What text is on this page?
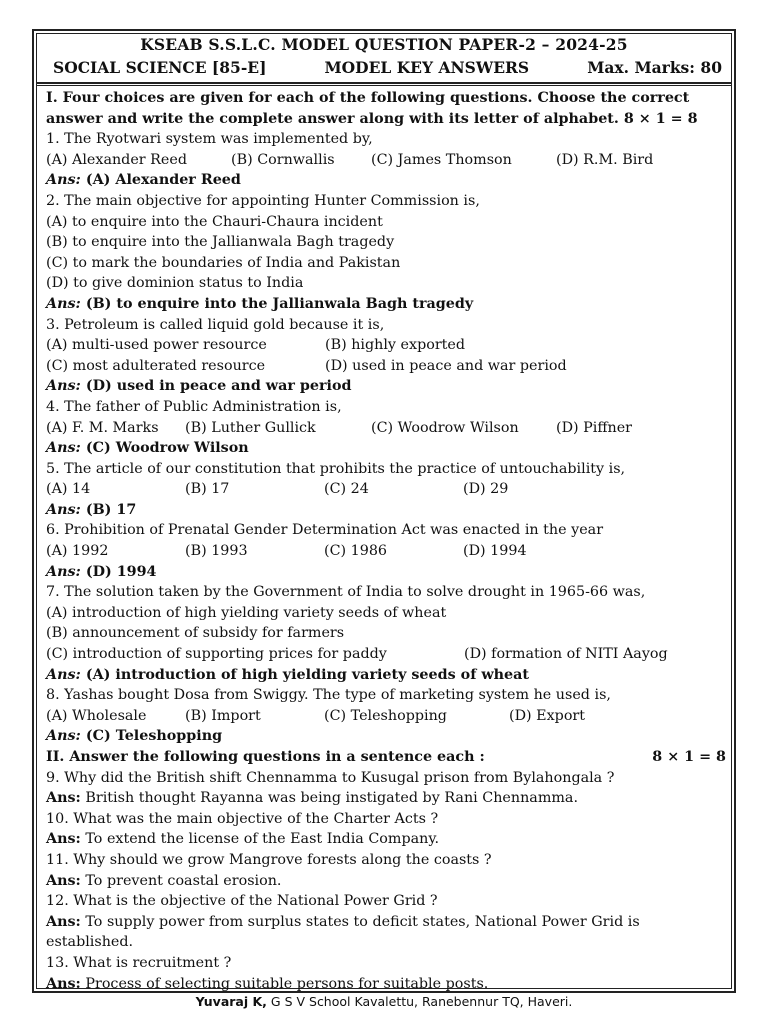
KSEAB S.S.L.C. MODEL QUESTION PAPER-2 – 2024-25
SOCIAL SCIENCE [85-E]	MODEL KEY ANSWERS	Max. Marks: 80
I. Four choices are given for each of the following questions. Choose the correct
answer and write the complete answer along with its letter of alphabet. 8 × 1 = 8
1. The Ryotwari system was implemented by,
(A) Alexander Reed	(B) Cornwallis	(C) James Thomson	(D) R.M. Bird
Ans: (A) Alexander Reed
2. The main objective for appointing Hunter Commission is,
(A) to enquire into the Chauri-Chaura incident
(B) to enquire into the Jallianwala Bagh tragedy
(C) to mark the boundaries of India and Pakistan
(D) to give dominion status to India
Ans: (B) to enquire into the Jallianwala Bagh tragedy
3. Petroleum is called liquid gold because it is,
(A) multi-used power resource	(B) highly exported
(C) most adulterated resource	(D) used in peace and war period
Ans: (D) used in peace and war period
4. The father of Public Administration is,
(A) F. M. Marks	(B) Luther Gullick	(C) Woodrow Wilson	(D) Piffner
Ans: (C) Woodrow Wilson
5. The article of our constitution that prohibits the practice of untouchability is,
(A) 14	(B) 17	(C) 24	(D) 29
Ans: (B) 17
6. Prohibition of Prenatal Gender Determination Act was enacted in the year
(A) 1992	(B) 1993	(C) 1986	(D) 1994
Ans: (D) 1994
7. The solution taken by the Government of India to solve drought in 1965-66 was,
(A) introduction of high yielding variety seeds of wheat
(B) announcement of subsidy for farmers
(C) introduction of supporting prices for paddy	(D) formation of NITI Aayog
Ans: (A) introduction of high yielding variety seeds of wheat
8. Yashas bought Dosa from Swiggy. The type of marketing system he used is,
(A) Wholesale	(B) Import	(C) Teleshopping	(D) Export
Ans: (C) Teleshopping
II. Answer the following questions in a sentence each :	8 × 1 = 8
9. Why did the British shift Chennamma to Kusugal prison from Bylahongala ?
Ans: British thought Rayanna was being instigated by Rani Chennamma.
10. What was the main objective of the Charter Acts ?
Ans: To extend the license of the East India Company.
11. Why should we grow Mangrove forests along the coasts ?
Ans: To prevent coastal erosion.
12. What is the objective of the National Power Grid ?
Ans: To supply power from surplus states to deficit states, National Power Grid is
established.
13. What is recruitment ?
Ans: Process of selecting suitable persons for suitable posts.
Yuvaraj K, G S V School Kavalettu, Ranebennur TQ, Haveri.
